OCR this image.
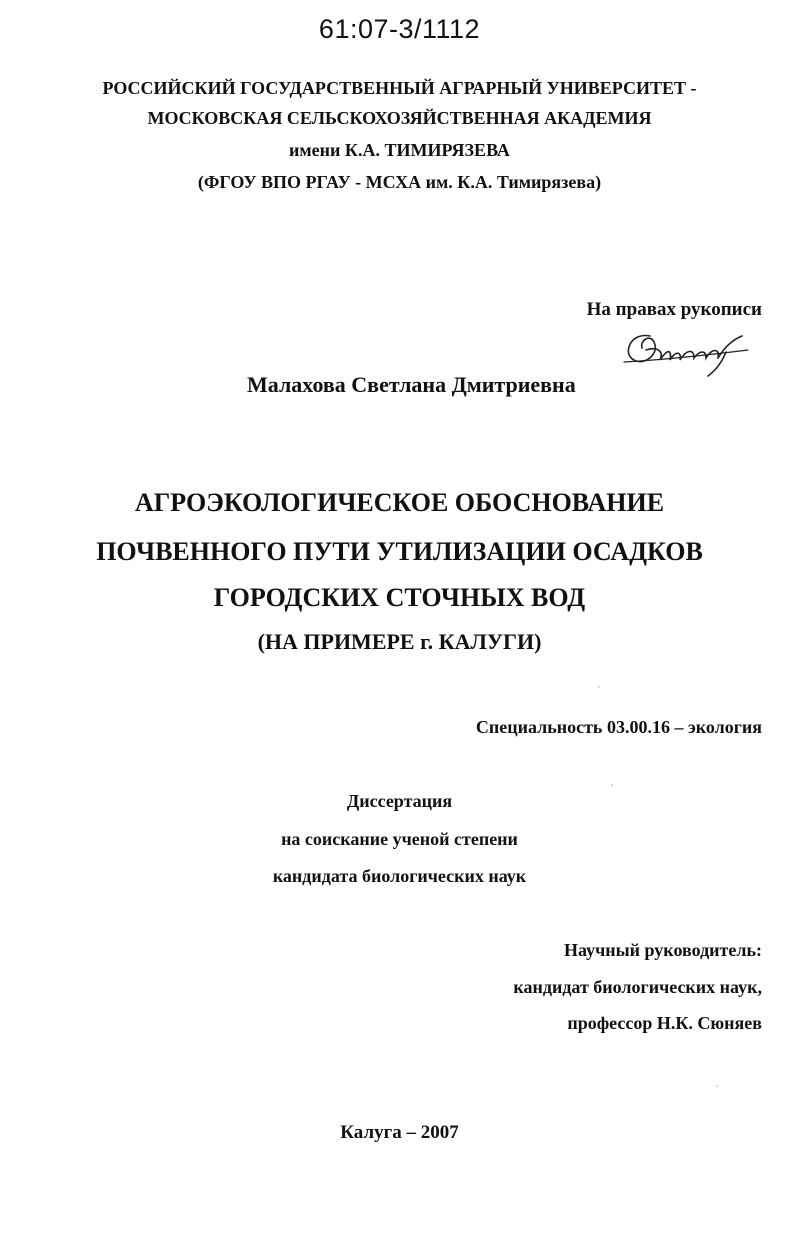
61:07-3/1112
РОССИЙСКИЙ ГОСУДАРСТВЕННЫЙ АГРАРНЫЙ УНИВЕРСИТЕТ -
МОСКОВСКАЯ СЕЛЬСКОХОЗЯЙСТВЕННАЯ АКАДЕМИЯ
имени К.А. ТИМИРЯЗЕВА
(ФГОУ ВПО РГАУ - МСХА им. К.А. Тимирязева)
На правах рукописи
Малахова Светлана Дмитриевна
АГРОЭКОЛОГИЧЕСКОЕ ОБОСНОВАНИЕ
ПОЧВЕННОГО ПУТИ УТИЛИЗАЦИИ ОСАДКОВ
ГОРОДСКИХ СТОЧНЫХ ВОД
(НА ПРИМЕРЕ г. КАЛУГИ)
Специальность 03.00.16 – экология
Диссертация
на соискание ученой степени
кандидата биологических наук
Научный руководитель:
кандидат биологических наук,
профессор Н.К. Сюняев
Калуга – 2007
